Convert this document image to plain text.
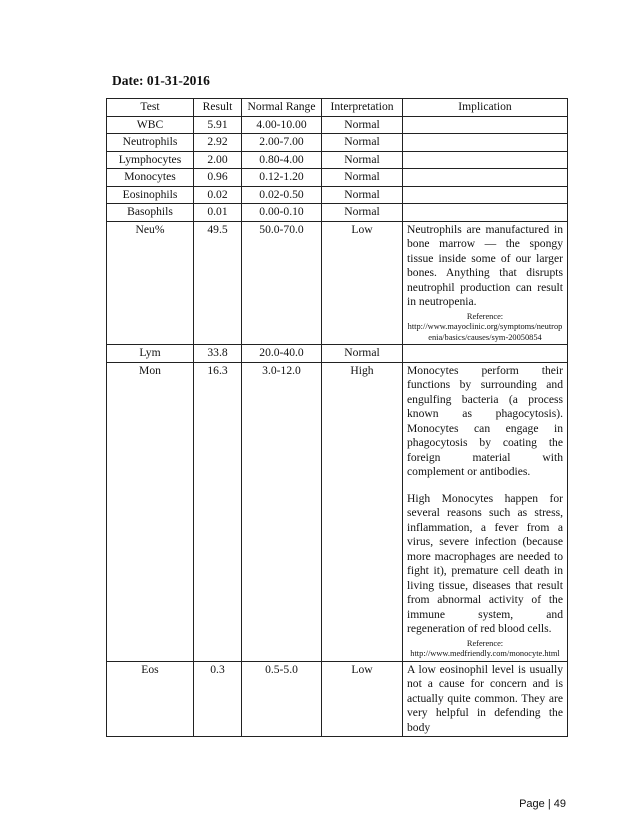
Date: 01-31-2016
Test	Result	Normal Range	Interpretation	Implication
WBC	5.91	4.00-10.00	Normal	
Neutrophils	2.92	2.00-7.00	Normal	
Lymphocytes	2.00	0.80-4.00	Normal	
Monocytes	0.96	0.12-1.20	Normal	
Eosinophils	0.02	0.02-0.50	Normal	
Basophils	0.01	0.00-0.10	Normal	
Neu%	49.5	50.0-70.0	Low	Neutrophils are manufactured in bone marrow — the spongy tissue inside some of our larger bones. Anything that disrupts neutrophil production can result in neutropenia.

Reference:
http://www.mayoclinic.org/symptoms/neutropenia/basics/causes/sym-20050854

Lym	33.8	20.0-40.0	Normal	
Mon	16.3	3.0-12.0	High	Monocytes perform their functions by surrounding and engulfing bacteria (a process known as phagocytosis). Monocytes can engage in phagocytosis by coating the foreign material with complement or antibodies.

High Monocytes happen for several reasons such as stress, inflammation, a fever from a virus, severe infection (because more macrophages are needed to fight it), premature cell death in living tissue, diseases that result from abnormal activity of the immune system, and regeneration of red blood cells.

Reference:
http://www.medfriendly.com/monocyte.html

Eos	0.3	0.5-5.0	Low	A low eosinophil level is usually not a cause for concern and is actually quite common. They are very helpful in defending the body

Page | 49
